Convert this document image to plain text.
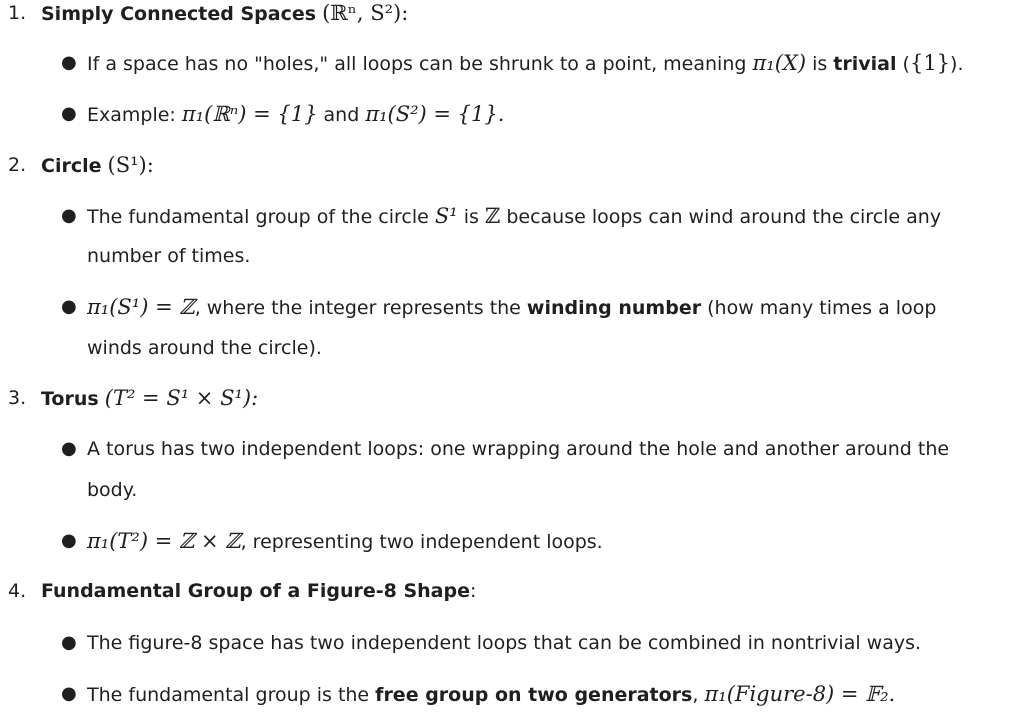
1. Simply Connected Spaces (ℝⁿ, S²):
● If a space has no "holes," all loops can be shrunk to a point, meaning π₁(X) is trivial ({1}).
● Example: π₁(ℝⁿ) = {1} and π₁(S²) = {1}.
2. Circle (S¹):
● The fundamental group of the circle S¹ is ℤ because loops can wind around the circle any
number of times.
● π₁(S¹) = ℤ, where the integer represents the winding number (how many times a loop
winds around the circle).
3. Torus (T² = S¹ × S¹):
● A torus has two independent loops: one wrapping around the hole and another around the
body.
● π₁(T²) = ℤ × ℤ, representing two independent loops.
4. Fundamental Group of a Figure-8 Shape:
● The figure-8 space has two independent loops that can be combined in nontrivial ways.
● The fundamental group is the free group on two generators, π₁(Figure-8) = 𝔽₂.
